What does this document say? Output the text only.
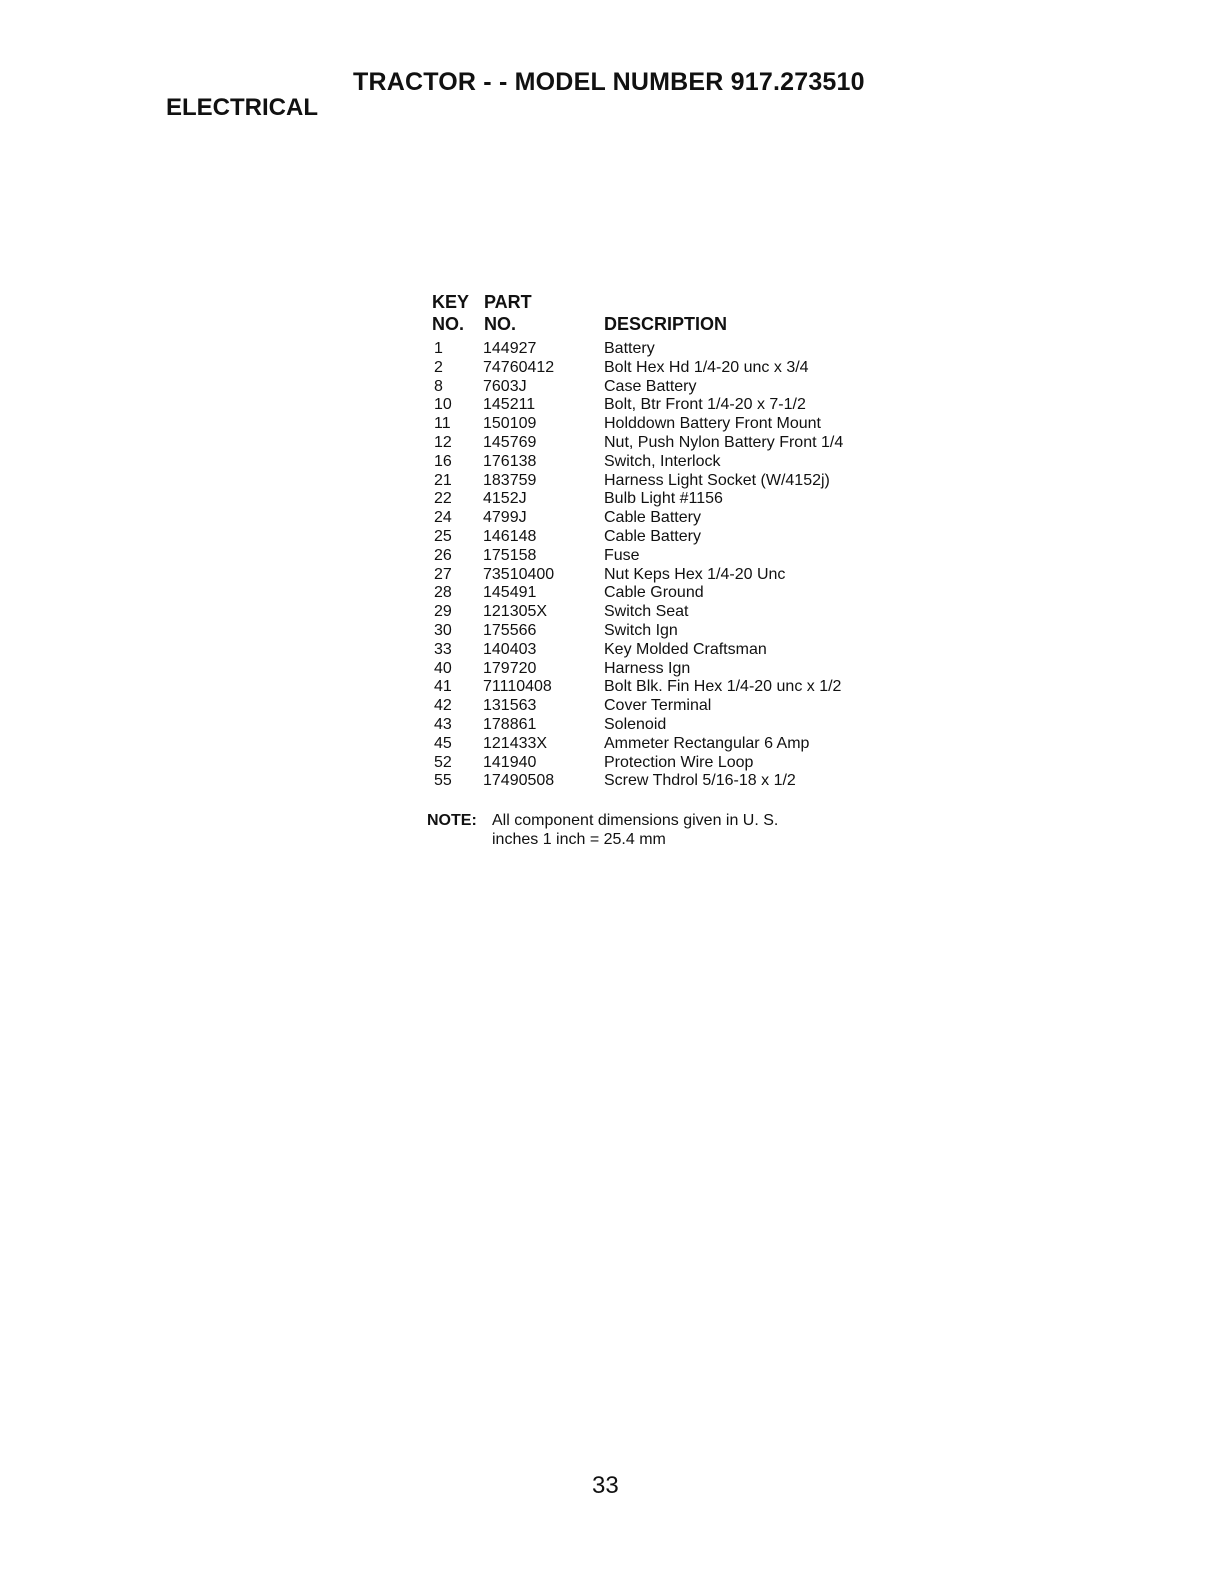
TRACTOR - - MODEL NUMBER 917.273510
ELECTRICAL
KEY
NO.
PART
NO.	DESCRIPTION
1	144927	Battery
2	74760412	Bolt Hex Hd 1/4-20 unc x 3/4
8	7603J	Case Battery
10 145211	Bolt, Btr Front 1/4-20 x 7-1/2
11 150109	Holddown Battery Front Mount
12 145769	Nut, Push Nylon Battery Front 1/4
16 176138	Switch, Interlock
21 183759	Harness Light Socket (W/4152j)
22 4152J	Bulb Light #1156
24 4799J	Cable Battery
25 146148	Cable Battery
26 175158	Fuse
27 73510400	Nut Keps Hex 1/4-20 Unc
28 145491	Cable Ground
29 121305X	Switch Seat
30 175566	Switch Ign
33 140403	Key Molded Craftsman
40 179720	Harness Ign
41 71110408	Bolt Blk. Fin Hex 1/4-20 unc x 1/2
42 131563	Cover Terminal
43 178861	Solenoid
45 121433X	Ammeter Rectangular 6 Amp
52 141940	Protection Wire Loop
55 17490508	Screw Thdrol 5/16-18 x 1/2
NOTE: All component dimensions given in U. S.
inches 1 inch = 25.4 mm
33
